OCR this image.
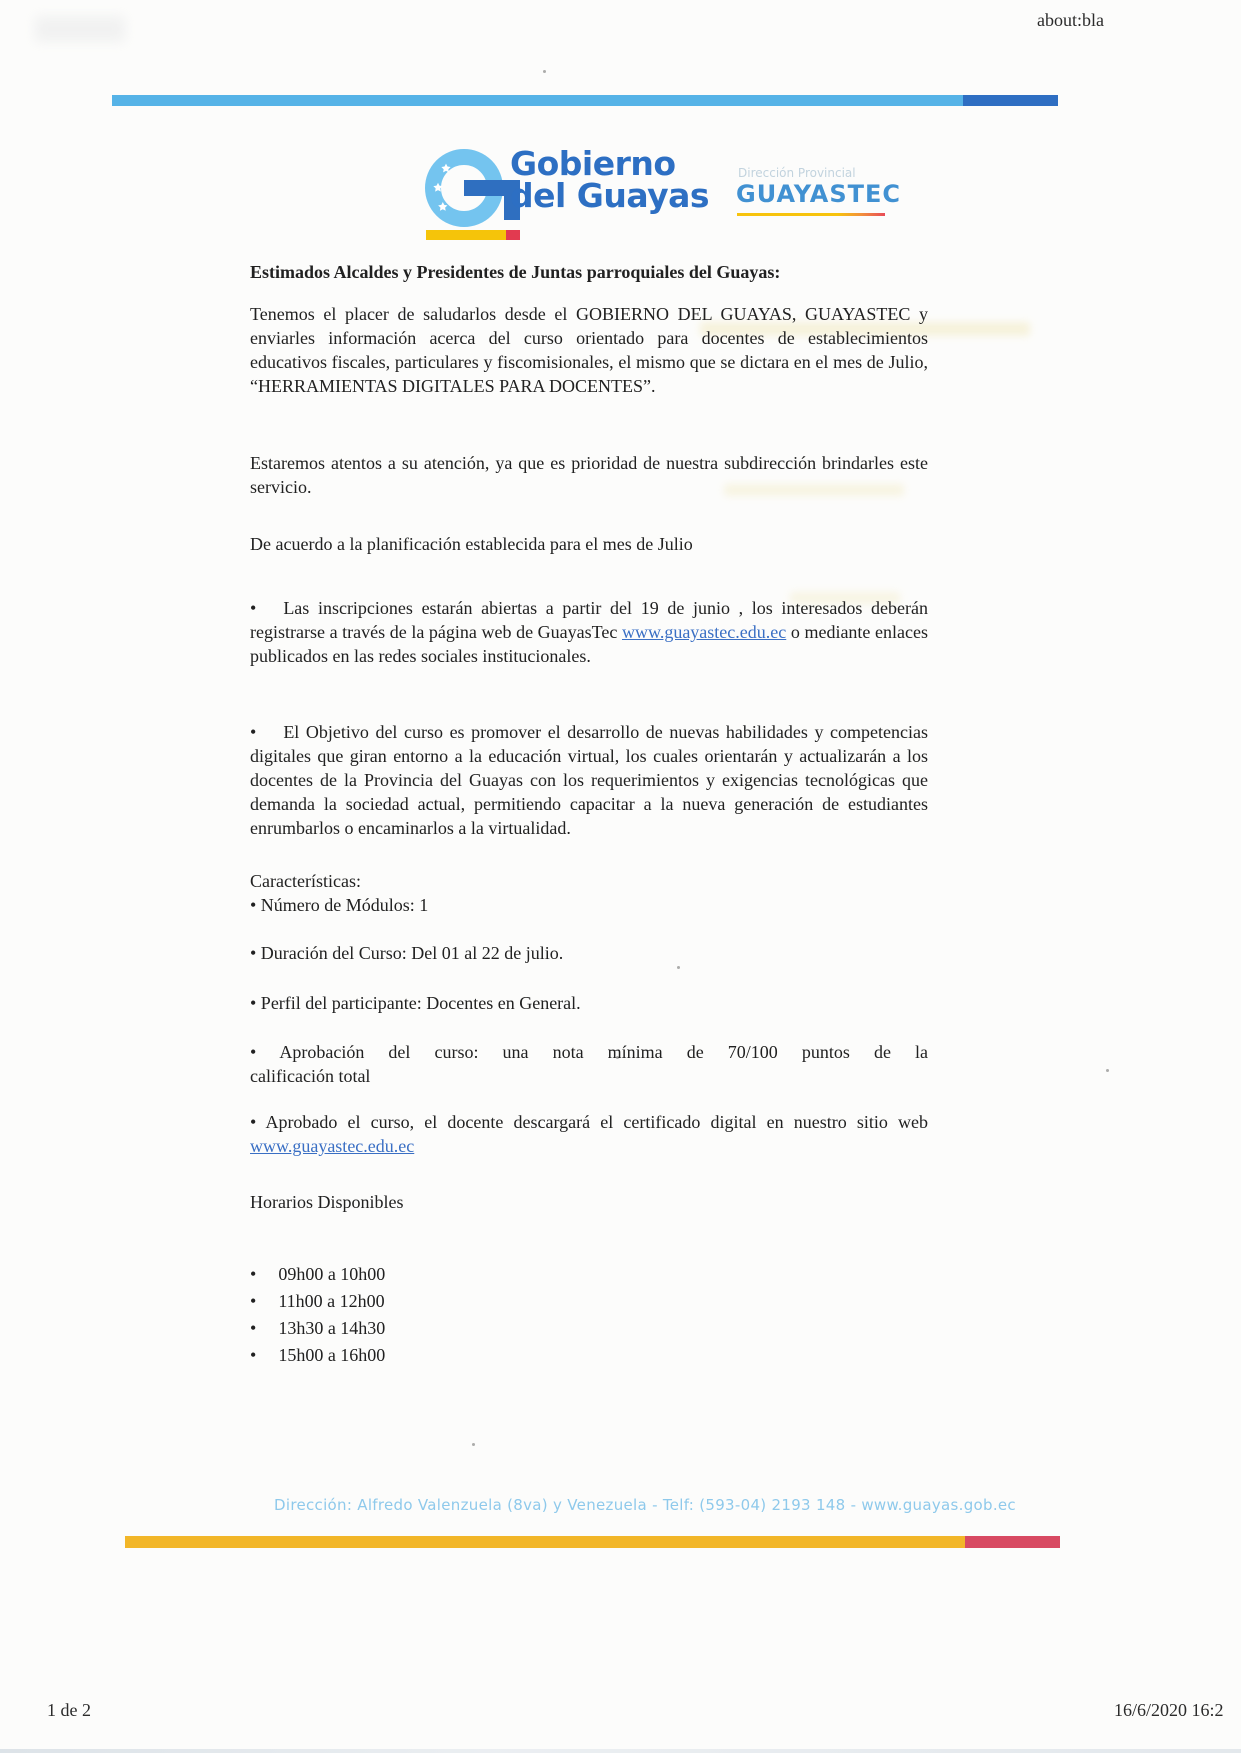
about:bla
Gobierno
del Guayas
Dirección Provincial
GUAYASTEC
Estimados Alcaldes y Presidentes de Juntas parroquiales del Guayas:
Tenemos el placer de saludarlos desde el GOBIERNO DEL GUAYAS, GUAYASTEC y enviarles información acerca del curso orientado para docentes de establecimientos educativos fiscales, particulares y fiscomisionales, el mismo que se dictara en el mes de Julio, “HERRAMIENTAS DIGITALES PARA DOCENTES”.
Estaremos atentos a su atención, ya que es prioridad de nuestra subdirección brindarles este servicio.
De acuerdo a la planificación establecida para el mes de Julio
• Las inscripciones estarán abiertas a partir del 19 de junio , los interesados deberán registrarse a través de la página web de GuayasTec www.guayastec.edu.ec o mediante enlaces publicados en las redes sociales institucionales.
• El Objetivo del curso es promover el desarrollo de nuevas habilidades y competencias digitales que giran entorno a la educación virtual, los cuales orientarán y actualizarán a los docentes de la Provincia del Guayas con los requerimientos y exigencias tecnológicas que demanda la sociedad actual, permitiendo capacitar a la nueva generación de estudiantes enrumbarlos o encaminarlos a la virtualidad.
Características:
• Número de Módulos: 1
• Duración del Curso: Del 01 al 22 de julio.
• Perfil del participante: Docentes en General.
• Aprobación del curso: una nota mínima de 70/100 puntos de la
calificación total
• Aprobado el curso, el docente descargará el certificado digital en nuestro sitio web www.guayastec.edu.ec
Horarios Disponibles
• 09h00 a 10h00
• 11h00 a 12h00
• 13h30 a 14h30
• 15h00 a 16h00
Dirección: Alfredo Valenzuela (8va) y Venezuela - Telf: (593-04) 2193 148 - www.guayas.gob.ec
1 de 2	16/6/2020 16:2
